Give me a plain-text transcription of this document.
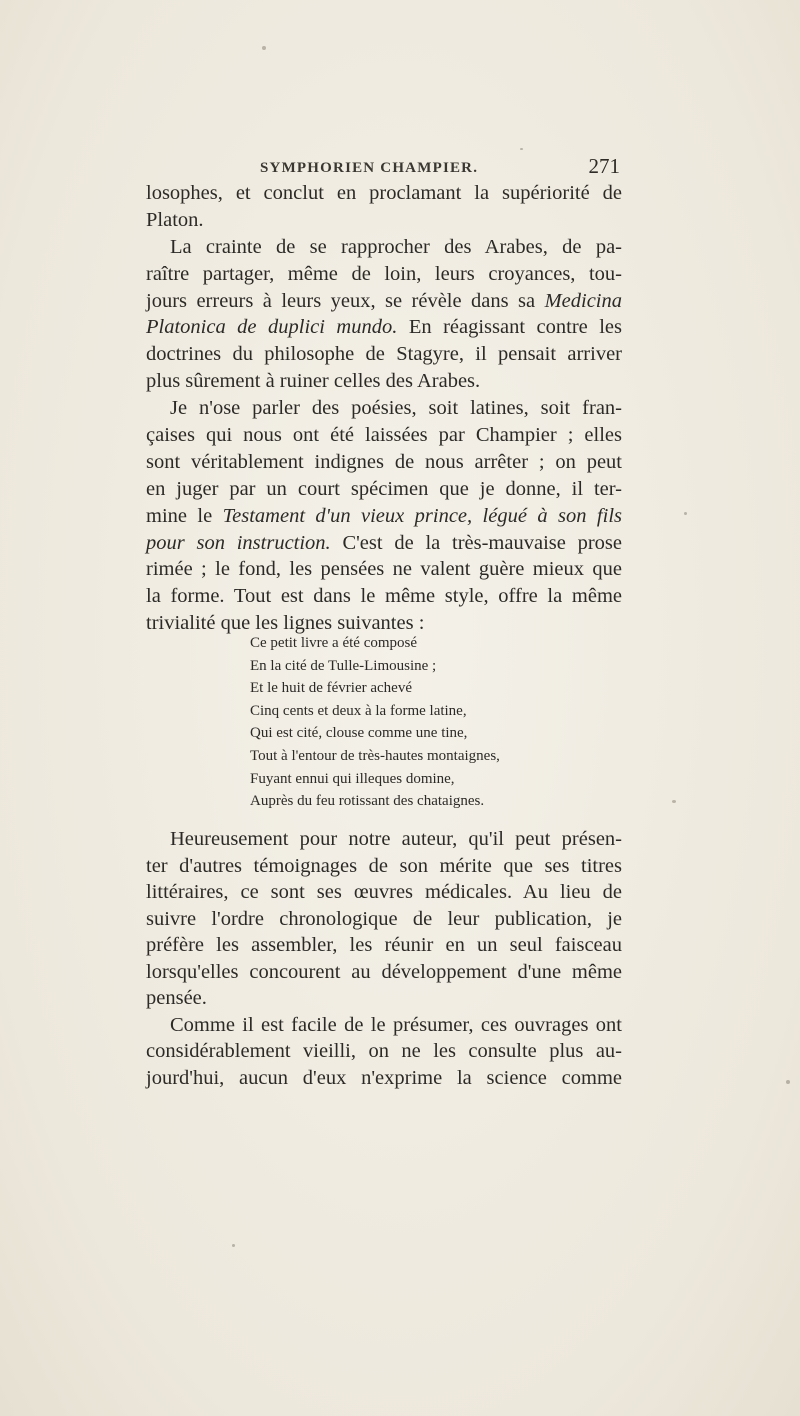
SYMPHORIEN CHAMPIER.	271
losophes, et conclut en proclamant la supériorité de
Platon.
La crainte de se rapprocher des Arabes, de pa-
raître partager, même de loin, leurs croyances, tou-
jours erreurs à leurs yeux, se révèle dans sa Medicina
Platonica de duplici mundo. En réagissant contre les
doctrines du philosophe de Stagyre, il pensait arriver
plus sûrement à ruiner celles des Arabes.
Je n'ose parler des poésies, soit latines, soit fran-
çaises qui nous ont été laissées par Champier ; elles
sont véritablement indignes de nous arrêter ; on peut
en juger par un court spécimen que je donne, il ter-
mine le Testament d'un vieux prince, légué à son fils
pour son instruction. C'est de la très-mauvaise prose
rimée ; le fond, les pensées ne valent guère mieux que
la forme. Tout est dans le même style, offre la même
trivialité que les lignes suivantes :
Ce petit livre a été composé
En la cité de Tulle-Limousine ;
Et le huit de février achevé
Cinq cents et deux à la forme latine,
Qui est cité, clouse comme une tine,
Tout à l'entour de très-hautes montaignes,
Fuyant ennui qui illeques domine,
Auprès du feu rotissant des chataignes.
Heureusement pour notre auteur, qu'il peut présen-
ter d'autres témoignages de son mérite que ses titres
littéraires, ce sont ses œuvres médicales. Au lieu de
suivre l'ordre chronologique de leur publication, je
préfère les assembler, les réunir en un seul faisceau
lorsqu'elles concourent au développement d'une même
pensée.
Comme il est facile de le présumer, ces ouvrages ont
considérablement vieilli, on ne les consulte plus au-
jourd'hui, aucun d'eux n'exprime la science comme
